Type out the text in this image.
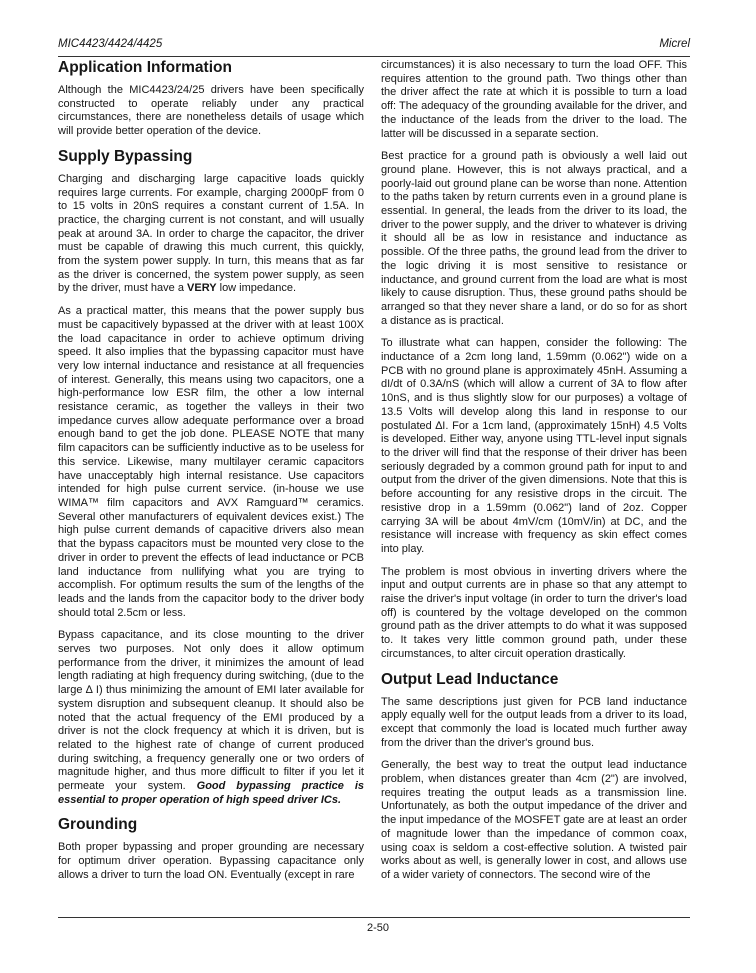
MIC4423/4424/4425	Micrel
Application Information

Although the MIC4423/24/25 drivers have been specifically constructed to operate reliably under any practical circumstances, there are nonetheless details of usage which will provide better operation of the device.

Supply Bypassing

Charging and discharging large capacitive loads quickly requires large currents. For example, charging 2000pF from 0 to 15 volts in 20nS requires a constant current of 1.5A. In practice, the charging current is not constant, and will usually peak at around 3A. In order to charge the capacitor, the driver must be capable of drawing this much current, this quickly, from the system power supply. In turn, this means that as far as the driver is concerned, the system power supply, as seen by the driver, must have a VERY low impedance.

As a practical matter, this means that the power supply bus must be capacitively bypassed at the driver with at least 100X the load capacitance in order to achieve optimum driving speed. It also implies that the bypassing capacitor must have very low internal inductance and resistance at all frequencies of interest. Generally, this means using two capacitors, one a high-performance low ESR film, the other a low internal resistance ceramic, as together the valleys in their two impedance curves allow adequate performance over a broad enough band to get the job done. PLEASE NOTE that many film capacitors can be sufficiently inductive as to be useless for this service. Likewise, many multilayer ceramic capacitors have unacceptably high internal resistance. Use capacitors intended for high pulse current service. (in-house we use WIMA™ film capacitors and AVX Ramguard™ ceramics. Several other manufacturers of equivalent devices exist.) The high pulse current demands of capacitive drivers also mean that the bypass capacitors must be mounted very close to the driver in order to prevent the effects of lead inductance or PCB land inductance from nullifying what you are trying to accomplish. For optimum results the sum of the lengths of the leads and the lands from the capacitor body to the driver body should total 2.5cm or less.

Bypass capacitance, and its close mounting to the driver serves two purposes. Not only does it allow optimum performance from the driver, it minimizes the amount of lead length radiating at high frequency during switching, (due to the large ∆ I) thus minimizing the amount of EMI later available for system disruption and subsequent cleanup. It should also be noted that the actual frequency of the EMI produced by a driver is not the clock frequency at which it is driven, but is related to the highest rate of change of current produced during switching, a frequency generally one or two orders of magnitude higher, and thus more difficult to filter if you let it permeate your system. Good bypassing practice is essential to proper operation of high speed driver ICs.

Grounding

Both proper bypassing and proper grounding are necessary for optimum driver operation. Bypassing capacitance only allows a driver to turn the load ON. Eventually (except in rare

circumstances) it is also necessary to turn the load OFF. This requires attention to the ground path. Two things other than the driver affect the rate at which it is possible to turn a load off: The adequacy of the grounding available for the driver, and the inductance of the leads from the driver to the load. The latter will be discussed in a separate section.

Best practice for a ground path is obviously a well laid out ground plane. However, this is not always practical, and a poorly-laid out ground plane can be worse than none. Attention to the paths taken by return currents even in a ground plane is essential. In general, the leads from the driver to its load, the driver to the power supply, and the driver to whatever is driving it should all be as low in resistance and inductance as possible. Of the three paths, the ground lead from the driver to the logic driving it is most sensitive to resistance or inductance, and ground current from the load are what is most likely to cause disruption. Thus, these ground paths should be arranged so that they never share a land, or do so for as short a distance as is practical.

To illustrate what can happen, consider the following: The inductance of a 2cm long land, 1.59mm (0.062") wide on a PCB with no ground plane is approximately 45nH. Assuming a dI/dt of 0.3A/nS (which will allow a current of 3A to flow after 10nS, and is thus slightly slow for our purposes) a voltage of 13.5 Volts will develop along this land in response to our postulated ∆I. For a 1cm land, (approximately 15nH) 4.5 Volts is developed. Either way, anyone using TTL-level input signals to the driver will find that the response of their driver has been seriously degraded by a common ground path for input to and output from the driver of the given dimensions. Note that this is before accounting for any resistive drops in the circuit. The resistive drop in a 1.59mm (0.062") land of 2oz. Copper carrying 3A will be about 4mV/cm (10mV/in) at DC, and the resistance will increase with frequency as skin effect comes into play.

The problem is most obvious in inverting drivers where the input and output currents are in phase so that any attempt to raise the driver's input voltage (in order to turn the driver's load off) is countered by the voltage developed on the common ground path as the driver attempts to do what it was supposed to. It takes very little common ground path, under these circumstances, to alter circuit operation drastically.

Output Lead Inductance

The same descriptions just given for PCB land inductance apply equally well for the output leads from a driver to its load, except that commonly the load is located much further away from the driver than the driver's ground bus.

Generally, the best way to treat the output lead inductance problem, when distances greater than 4cm (2") are involved, requires treating the output leads as a transmission line. Unfortunately, as both the output impedance of the driver and the input impedance of the MOSFET gate are at least an order of magnitude lower than the impedance of common coax, using coax is seldom a cost-effective solution. A twisted pair works about as well, is generally lower in cost, and allows use of a wider variety of connectors. The second wire of the

2-50
